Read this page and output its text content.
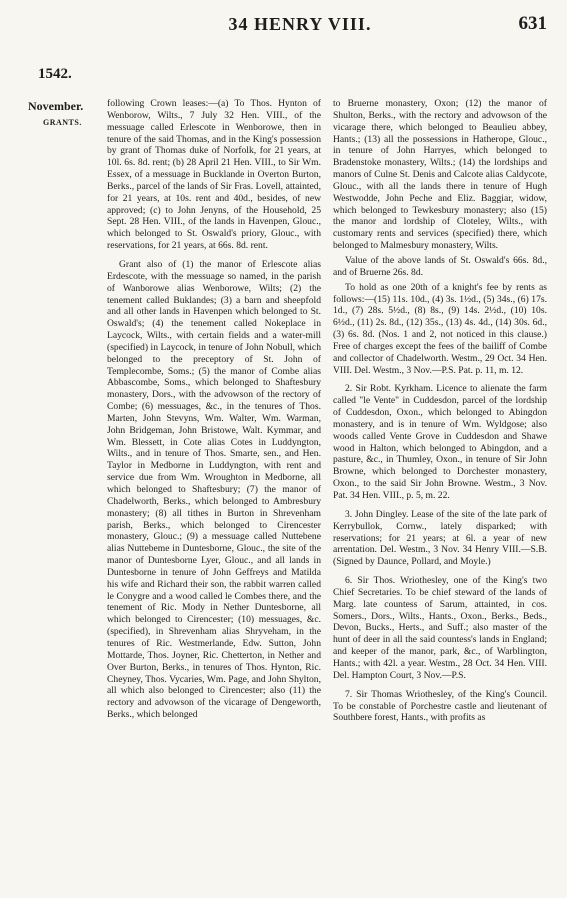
34 HENRY VIII.	631
1542.
November.
GRANTS.

following Crown leases:—(a) To Thos. Hynton of Wenborow, Wilts., 7 July 32 Hen. VIII., of the messuage called Erlescote in Wenborowe, then in tenure of the said Thomas, and in the King's possession by grant of Thomas duke of Norfolk, for 21 years, at 10l. 6s. 8d. rent; (b) 28 April 21 Hen. VIII., to Sir Wm. Essex, of a messuage in Bucklande in Overton Burton, Berks., parcel of the lands of Sir Fras. Lovell, attainted, for 21 years, at 10s. rent and 40d., besides, of new approved; (c) to John Jenyns, of the Household, 25 Sept. 28 Hen. VIII., of the lands in Havenpen, Glouc., which belonged to St. Oswald's priory, Glouc., with reservations, for 21 years, at 66s. 8d. rent.

Grant also of (1) the manor of Erlescote alias Erdescote, with the messuage so named, in the parish of Wanborowe alias Wenborowe, Wilts; (2) the tenement called Buklandes; (3) a barn and sheepfold and all other lands in Havenpen which belonged to St. Oswald's; (4) the tenement called Nokeplace in Laycock, Wilts., with certain fields and a water-mill (specified) in Laycock, in tenure of John Nobull, which belonged to the preceptory of St. John of Templecombe, Soms.; (5) the manor of Combe alias Abbascombe, Soms., which belonged to Shaftesbury monastery, Dors., with the advowson of the rectory of Combe; (6) messuages, &c., in the tenures of Thos. Marten, John Stevyns, Wm. Walter, Wm. Warman, John Bridgeman, John Bristowe, Walt. Kymmar, and Wm. Blessett, in Cote alias Cotes in Luddyngton, Wilts., and in tenure of Thos. Smarte, sen., and Hen. Taylor in Medborne in Luddyngton, with rent and service due from Wm. Wroughton in Medborne, all which belonged to Shaftesbury; (7) the manor of Chadelworth, Berks., which belonged to Ambresbury monastery; (8) all tithes in Burton in Shrevenham parish, Berks., which belonged to Cirencester monastery, Glouc.; (9) a messuage called Nuttebene alias Nuttebeme in Duntesborne, Glouc., the site of the manor of Duntesborne Lyer, Glouc., and all lands in Duntesborne in tenure of John Geffreys and Matilda his wife and Richard their son, the rabbit warren called le Conygre and a wood called le Combes there, and the tenement of Ric. Mody in Nether Duntesborne, all which belonged to Cirencester; (10) messuages, &c. (specified), in Shrevenham alias Shryveham, in the tenures of Ric. Westmerlande, Edw. Sutton, John Mottarde, Thos. Joyner, Ric. Chetterton, in Nether and Over Burton, Berks., in tenures of Thos. Hynton, Ric. Cheyney, Thos. Vycaries, Wm. Page, and John Shylton, all which also belonged to Cirencester; also (11) the rectory and advowson of the vicarage of Dengeworth, Berks., which belonged

to Bruerne monastery, Oxon; (12) the manor of Shulton, Berks., with the rectory and advowson of the vicarage there, which belonged to Beaulieu abbey, Hants.; (13) all the possessions in Hatherope, Glouc., in tenure of John Harryes, which belonged to Bradenstoke monastery, Wilts.; (14) the lordships and manors of Culne St. Denis and Calcote alias Caldycote, Glouc., with all the lands there in tenure of Hugh Westwodde, John Peche and Eliz. Baggiar, widow, which belonged to Tewkesbury monastery; also (15) the manor and lordship of Cloteley, Wilts., with customary rents and services (specified) there, which belonged to Malmesbury monastery, Wilts.

Value of the above lands of St. Oswald's 66s. 8d., and of Bruerne 26s. 8d.

To hold as one 20th of a knight's fee by rents as follows:—(15) 11s. 10d., (4) 3s. 1½d., (5) 34s., (6) 17s. 1d., (7) 28s. 5½d., (8) 8s., (9) 14s. 2½d., (10) 10s. 6½d., (11) 2s. 8d., (12) 35s., (13) 4s. 4d., (14) 30s. 6d., (3) 6s. 8d. (Nos. 1 and 2, not noticed in this clause.) Free of charges except the fees of the bailiff of Combe and collector of Chadelworth. Westm., 29 Oct. 34 Hen. VIII. Del. Westm., 3 Nov.—P.S. Pat. p. 11, m. 12.

2. Sir Robt. Kyrkham. Licence to alienate the farm called "le Vente" in Cuddesdon, parcel of the lordship of Cuddesdon, Oxon., which belonged to Abingdon monastery, and is in tenure of Wm. Wyldgose; also woods called Vente Grove in Cuddesdon and Shawe wood in Halton, which belonged to Abingdon, and a pasture, &c., in Thumley, Oxon., in tenure of Sir John Browne, which belonged to Dorchester monastery, Oxon., to the said Sir John Browne. Westm., 3 Nov. Pat. 34 Hen. VIII., p. 5, m. 22.

3. John Dingley. Lease of the site of the late park of Kerrybullok, Cornw., lately disparked; with reservations; for 21 years; at 6l. a year of new arrentation. Del. Westm., 3 Nov. 34 Henry VIII.—S.B. (Signed by Daunce, Pollard, and Moyle.)

6. Sir Thos. Wriothesley, one of the King's two Chief Secretaries. To be chief steward of the lands of Marg. late countess of Sarum, attainted, in cos. Somers., Dors., Wilts., Hants., Oxon., Berks., Beds., Devon, Bucks., Herts., and Suff.; also master of the hunt of deer in all the said countess's lands in England; and keeper of the manor, park, &c., of Warblington, Hants.; with 42l. a year. Westm., 28 Oct. 34 Hen. VIII. Del. Hampton Court, 3 Nov.—P.S.

7. Sir Thomas Wriothesley, of the King's Council. To be constable of Porchestre castle and lieutenant of Southbere forest, Hants., with profits as
